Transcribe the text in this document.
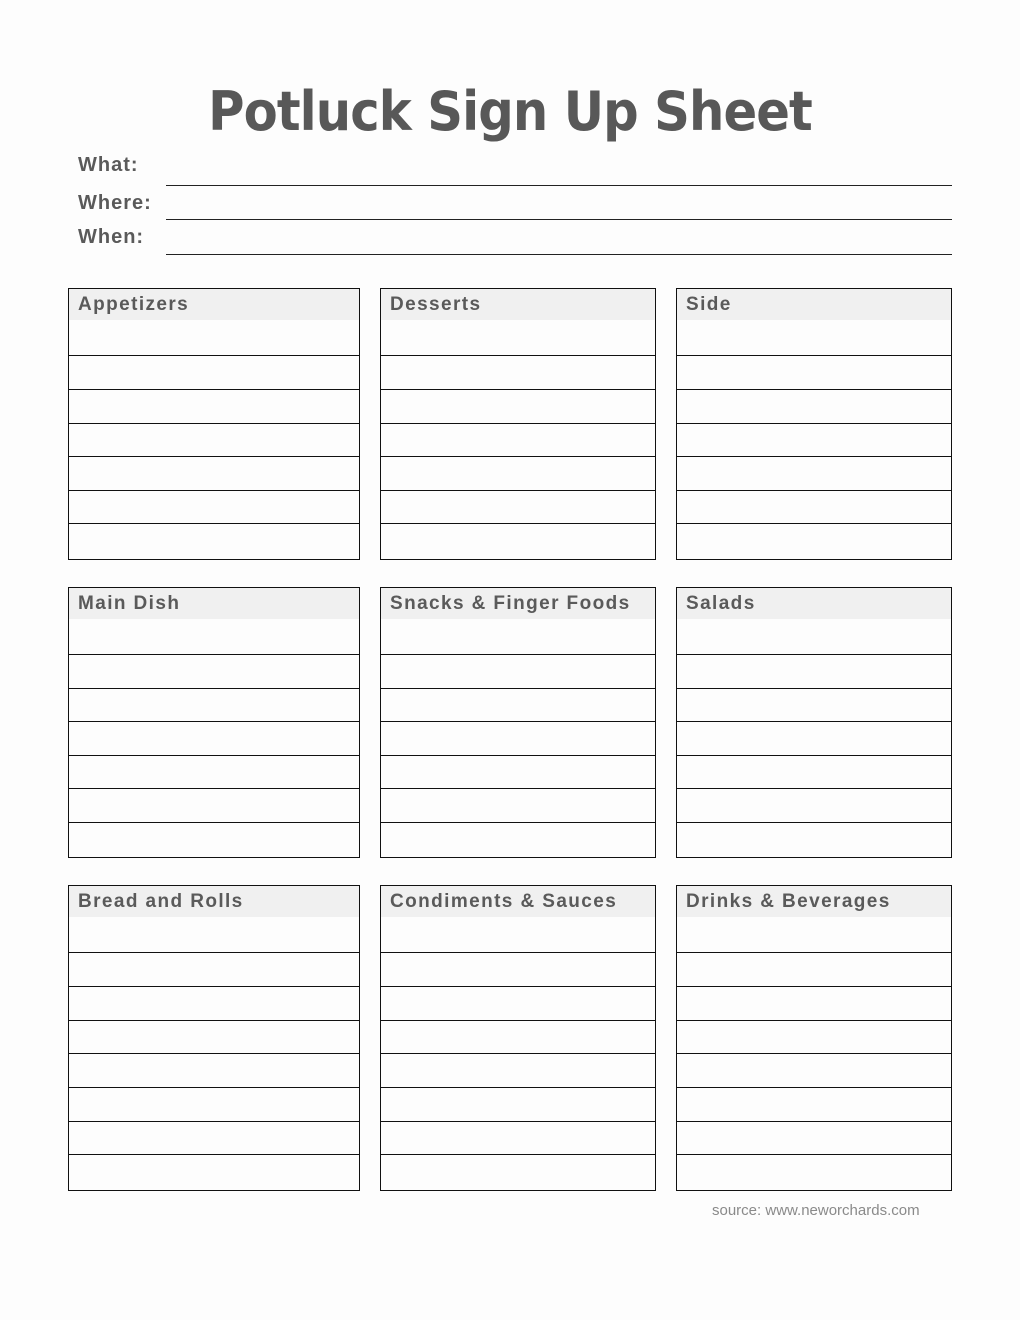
Potluck Sign Up Sheet
What:
Where:
When:
Appetizers	Desserts	Side
Main Dish	Snacks & Finger Foods	Salads
Bread and Rolls	Condiments & Sauces	Drinks & Beverages
source: www.neworchards.com
